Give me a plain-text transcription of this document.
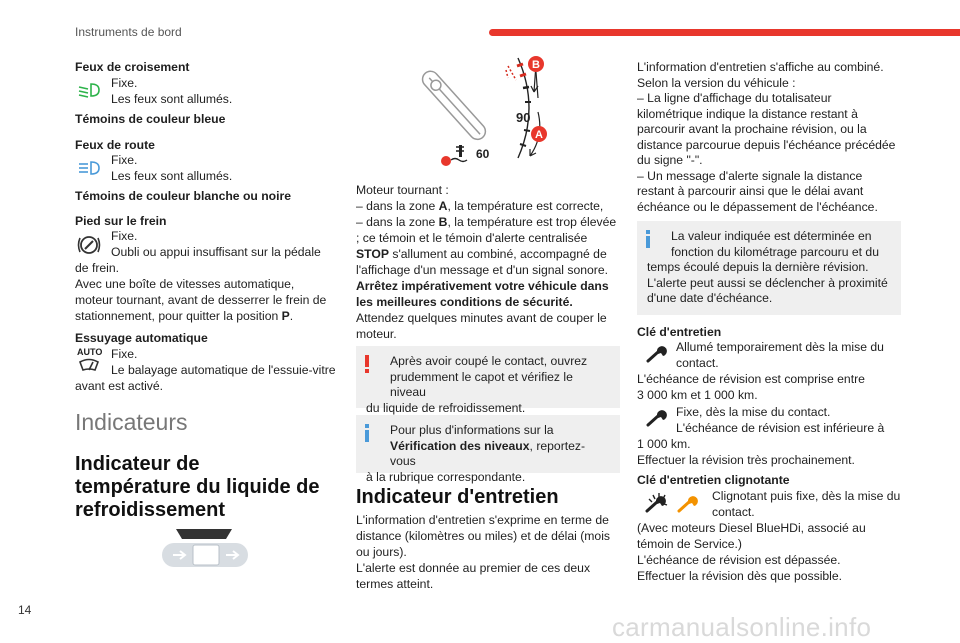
Instruments de bord
14
carmanualsonline.info
Feux de croisement
Fixe.
Les feux sont allumés.
Témoins de couleur bleue
Feux de route
Fixe.
Les feux sont allumés.
Témoins de couleur blanche ou noire
Pied sur le frein
Fixe.
Oubli ou appui insuffisant sur la pédale
de frein.
Avec une boîte de vitesses automatique,
moteur tournant, avant de desserrer le frein de
stationnement, pour quitter la position P.
Essuyage automatique
AUTO Fixe.
Le balayage automatique de l'essuie-vitre
avant est activé.
Indicateurs
Indicateur de
température du liquide de
refroidissement
90
60
B
A
Moteur tournant :
– dans la zone A, la température est correcte,
– dans la zone B, la température est trop élevée
; ce témoin et le témoin d'alerte centralisée
STOP s'allument au combiné, accompagné de
l'affichage d'un message et d'un signal sonore.
Arrêtez impérativement votre véhicule dans
les meilleures conditions de sécurité.
Attendez quelques minutes avant de couper le
moteur.
Après avoir coupé le contact, ouvrez
prudemment le capot et vérifiez le niveau
du liquide de refroidissement.
Pour plus d'informations sur la
Vérification des niveaux, reportez-vous
à la rubrique correspondante.
Indicateur d'entretien
L'information d'entretien s'exprime en terme de
distance (kilomètres ou miles) et de délai (mois
ou jours).
L'alerte est donnée au premier de ces deux
termes atteint.
L'information d'entretien s'affiche au combiné.
Selon la version du véhicule :
– La ligne d'affichage du totalisateur
kilométrique indique la distance restant à
parcourir avant la prochaine révision, ou la
distance parcourue depuis l'échéance précédée
du signe "-".
– Un message d'alerte signale la distance
restant à parcourir ainsi que le délai avant
échéance ou le dépassement de l'échéance.
La valeur indiquée est déterminée en
fonction du kilométrage parcouru et du
temps écoulé depuis la dernière révision.
L'alerte peut aussi se déclencher à proximité
d'une date d'échéance.
Clé d'entretien
Allumé temporairement dès la mise du
contact.
L'échéance de révision est comprise entre
3 000 km et 1 000 km.
Fixe, dès la mise du contact.
L'échéance de révision est inférieure à
1 000 km.
Effectuer la révision très prochainement.
Clé d'entretien clignotante
Clignotant puis fixe, dès la mise du
contact.
(Avec moteurs Diesel BlueHDi, associé au
témoin de Service.)
L'échéance de révision est dépassée.
Effectuer la révision dès que possible.
